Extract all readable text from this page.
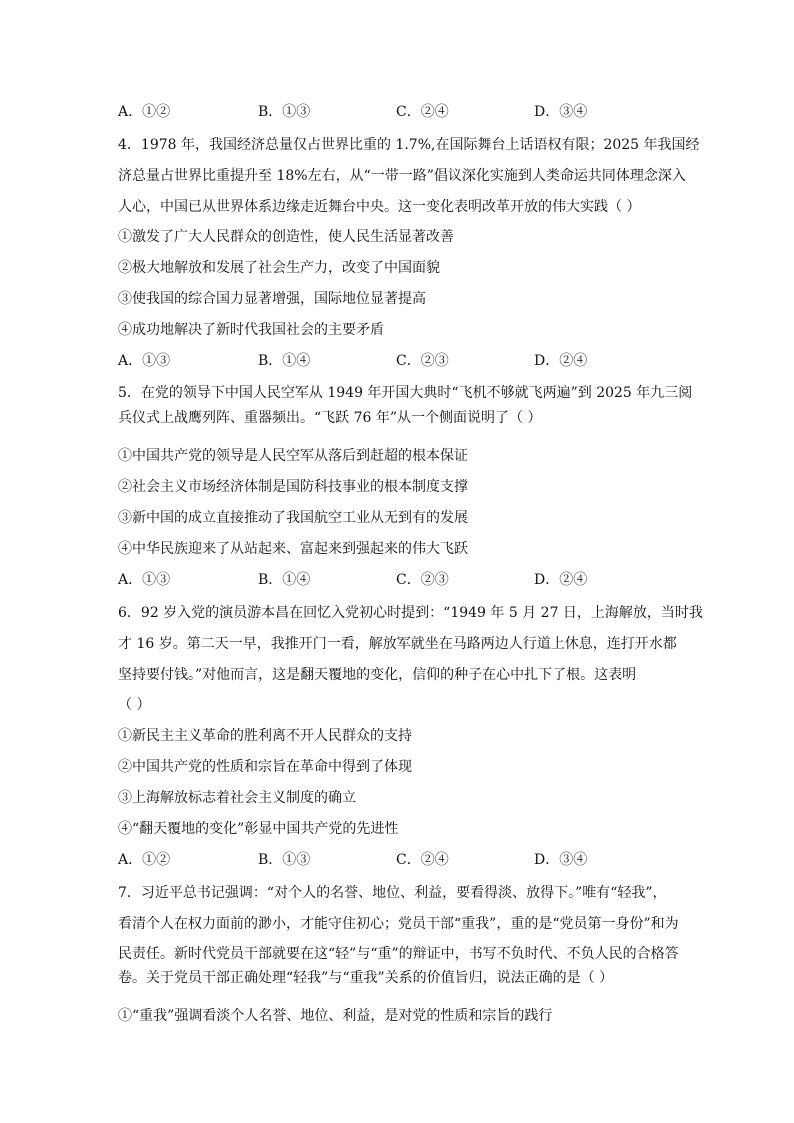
A．①②	B．①③	C．②④	D．③④
4．1978 年，我国经济总量仅占世界比重的 1.7%,在国际舞台上话语权有限；2025 年我国经
济总量占世界比重提升至 18%左右，从“一带一路”倡议深化实施到人类命运共同体理念深入
人心，中国已从世界体系边缘走近舞台中央。这一变化表明改革开放的伟大实践（ ）
①激发了广大人民群众的创造性，使人民生活显著改善
②极大地解放和发展了社会生产力，改变了中国面貌
③使我国的综合国力显著增强，国际地位显著提高
④成功地解决了新时代我国社会的主要矛盾
A．①③	B．①④	C．②③	D．②④
5．在党的领导下中国人民空军从 1949 年开国大典时“飞机不够就飞两遍”到 2025 年九三阅
兵仪式上战鹰列阵、重器频出。“飞跃 76 年”从一个侧面说明了（ ）
①中国共产党的领导是人民空军从落后到赶超的根本保证
②社会主义市场经济体制是国防科技事业的根本制度支撑
③新中国的成立直接推动了我国航空工业从无到有的发展
④中华民族迎来了从站起来、富起来到强起来的伟大飞跃
A．①③	B．①④	C．②③	D．②④
6．92 岁入党的演员游本昌在回忆入党初心时提到：“1949 年 5 月 27 日，上海解放，当时我
才 16 岁。第二天一早，我推开门一看，解放军就坐在马路两边人行道上休息，连打开水都
坚持要付钱。”对他而言，这是翻天覆地的变化，信仰的种子在心中扎下了根。这表明
（ ）
①新民主主义革命的胜利离不开人民群众的支持
②中国共产党的性质和宗旨在革命中得到了体现
③上海解放标志着社会主义制度的确立
④“翻天覆地的变化”彰显中国共产党的先进性
A．①②	B．①③	C．②④	D．③④
7．习近平总书记强调：“对个人的名誉、地位、利益，要看得淡、放得下。”唯有“轻我”，
看清个人在权力面前的渺小，才能守住初心；党员干部“重我”，重的是“党员第一身份”和为
民责任。新时代党员干部就要在这“轻”与“重”的辩证中，书写不负时代、不负人民的合格答
卷。关于党员干部正确处理“轻我”与“重我”关系的价值旨归，说法正确的是（ ）
①“重我”强调看淡个人名誉、地位、利益，是对党的性质和宗旨的践行
